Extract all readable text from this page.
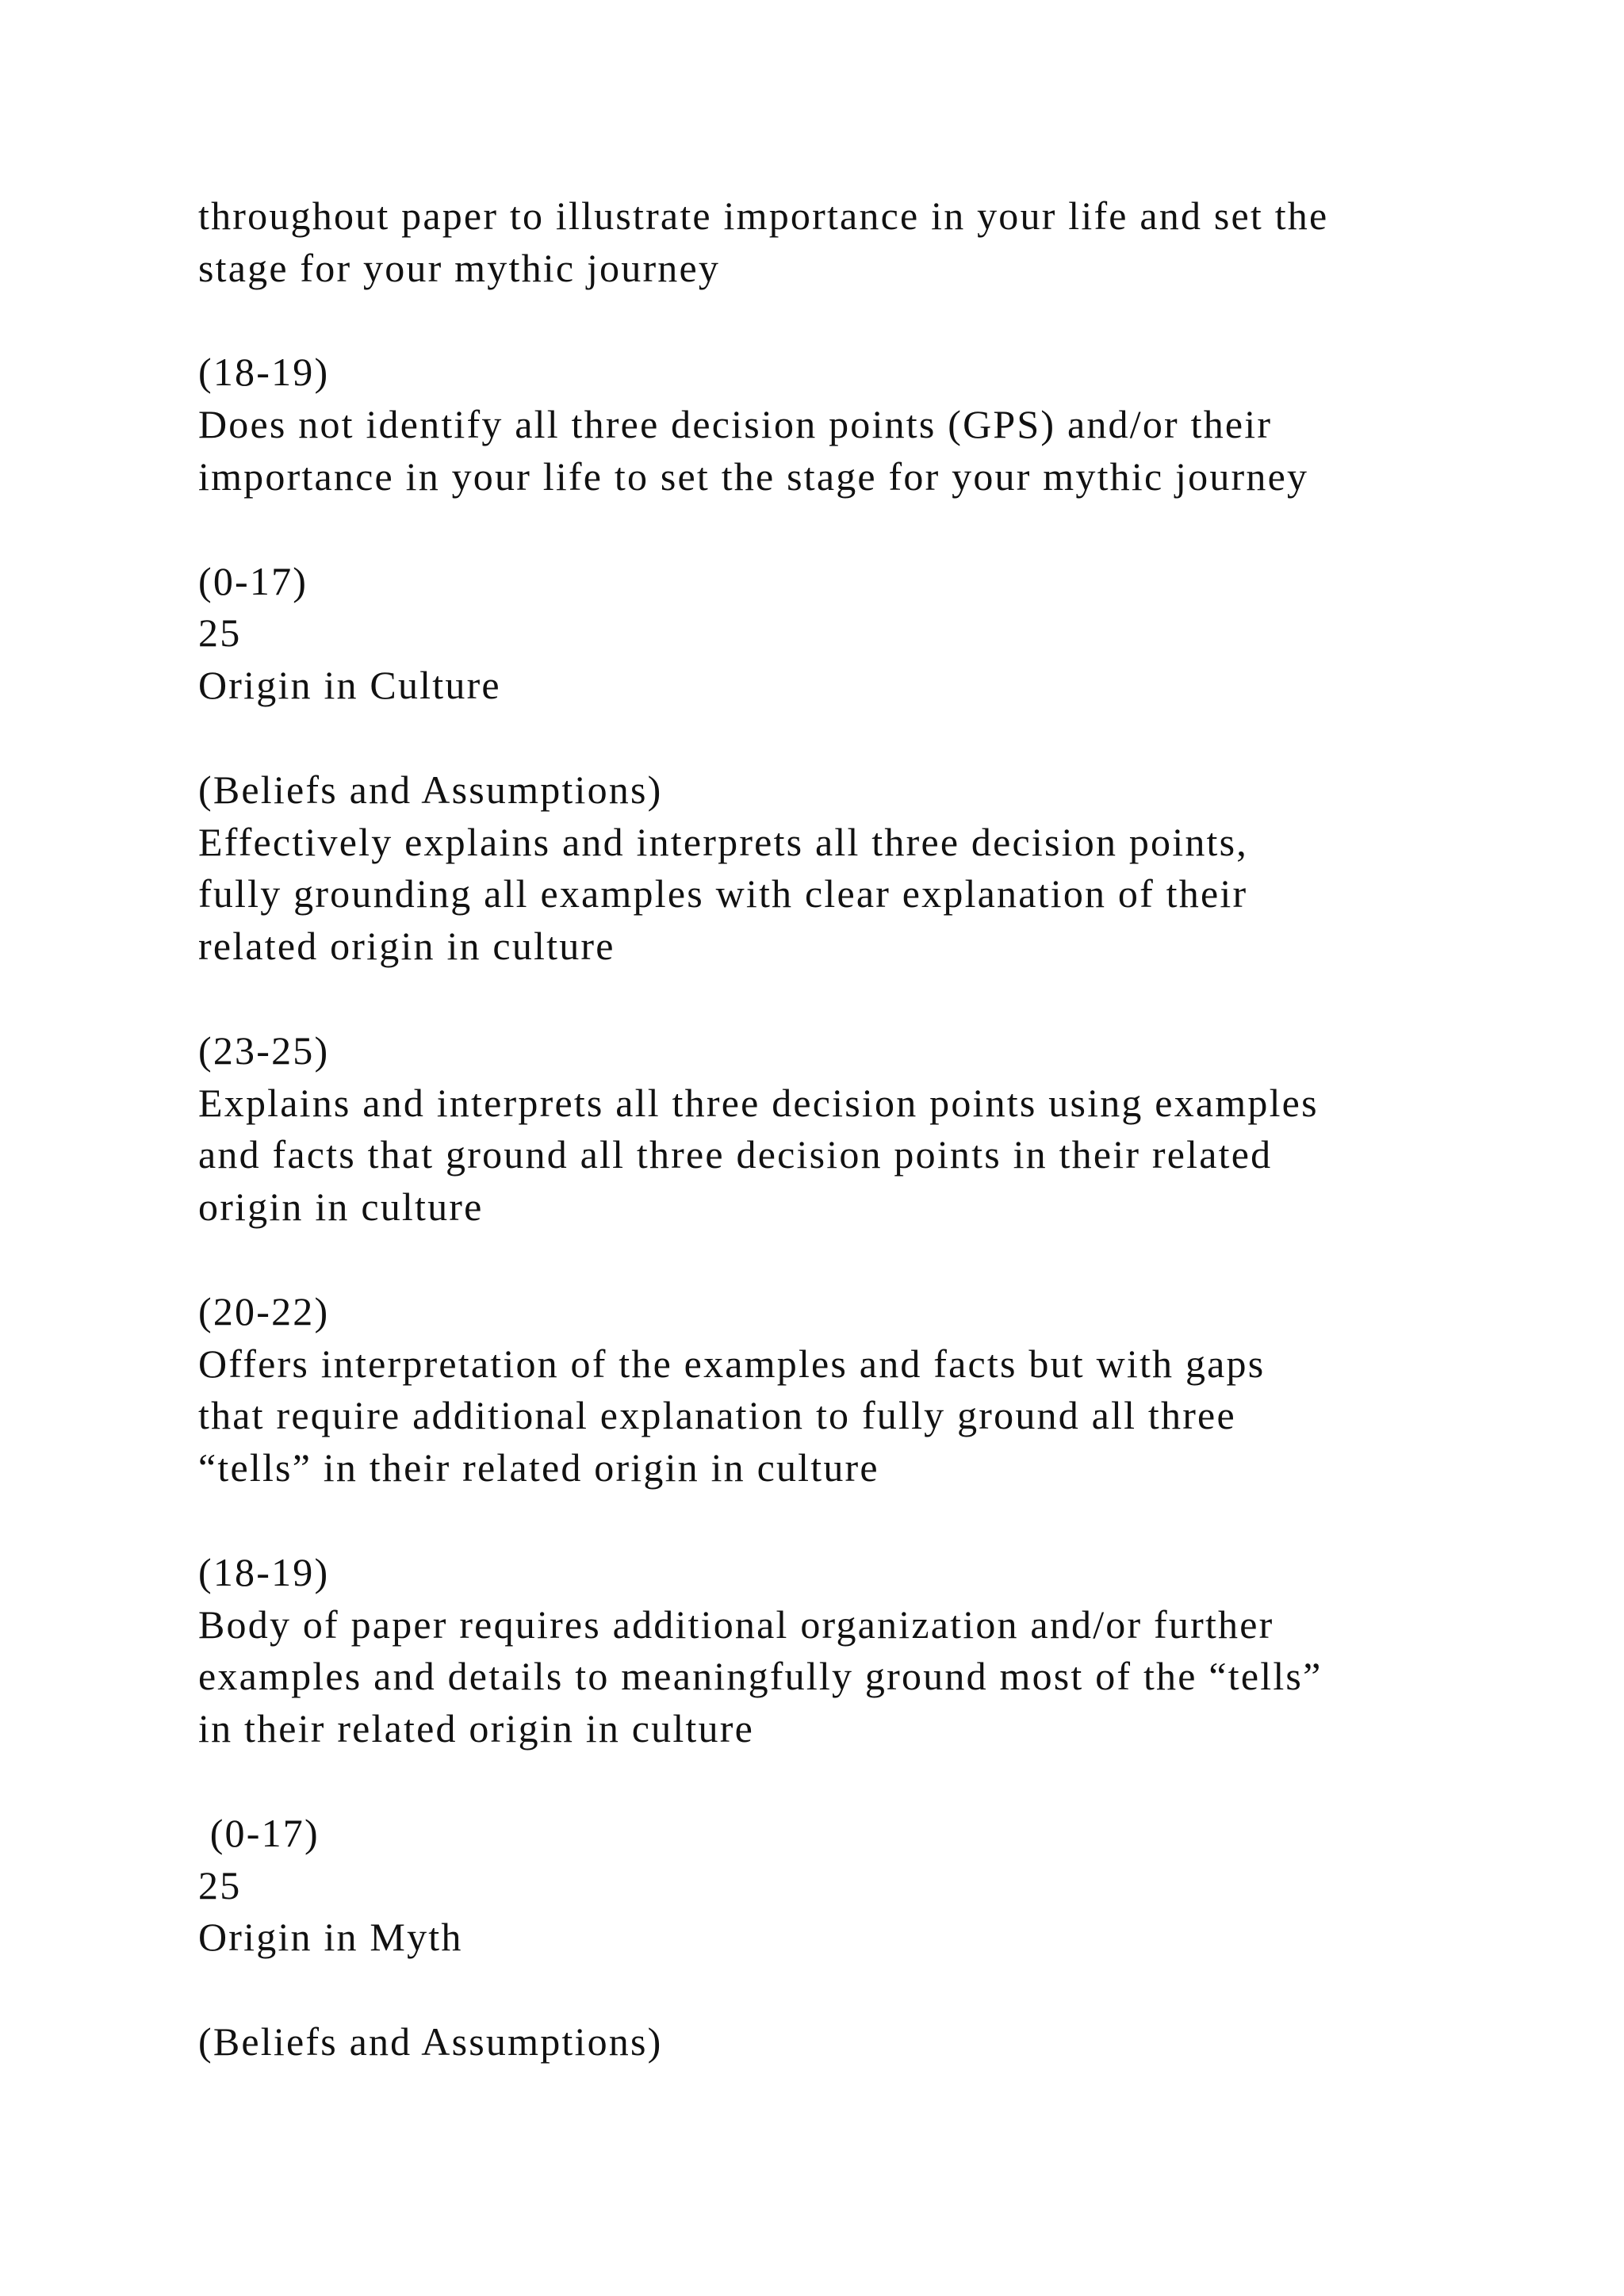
throughout paper to illustrate importance in your life and set the
stage for your mythic journey
(18-19)
Does not identify all three decision points (GPS) and/or their
importance in your life to set the stage for your mythic journey
(0-17)
25
Origin in Culture
(Beliefs and Assumptions)
Effectively explains and interprets all three decision points,
fully grounding all examples with clear explanation of their
related origin in culture
(23-25)
Explains and interprets all three decision points using examples
and facts that ground all three decision points in their related
origin in culture
(20-22)
Offers interpretation of the examples and facts but with gaps
that require additional explanation to fully ground all three
“tells” in their related origin in culture
(18-19)
Body of paper requires additional organization and/or further
examples and details to meaningfully ground most of the “tells”
in their related origin in culture
(0-17)
25
Origin in Myth
(Beliefs and Assumptions)
